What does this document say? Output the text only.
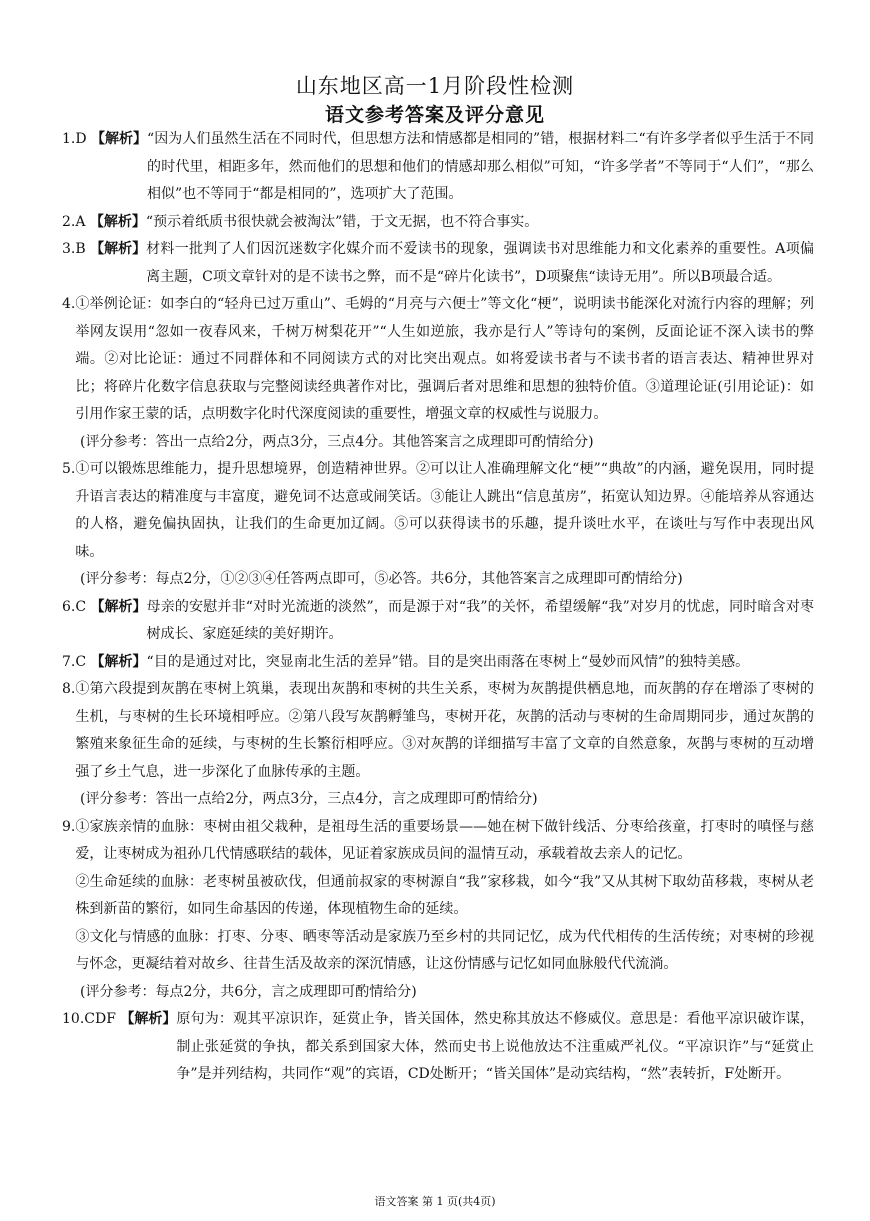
山东地区高一1月阶段性检测
语文参考答案及评分意见
1.D 【解析】 “因为人们虽然生活在不同时代，但思想方法和情感都是相同的”错，根据材料二“有许多学者似乎生活于不同的时代里，相距多年，然而他们的思想和他们的情感却那么相似”可知，“许多学者”不等同于“人们”，“那么相似”也不等同于“都是相同的”，选项扩大了范围。
2.A 【解析】 “预示着纸质书很快就会被淘汰”错，于文无据，也不符合事实。
3.B 【解析】 材料一批判了人们因沉迷数字化媒介而不爱读书的现象，强调读书对思维能力和文化素养的重要性。A项偏离主题，C项文章针对的是不读书之弊，而不是“碎片化读书”，D项聚焦“读诗无用”。所以B项最合适。
4. ①举例论证：如李白的“轻舟已过万重山”、毛姆的“月亮与六便士”等文化“梗”，说明读书能深化对流行内容的理解；列举网友误用“忽如一夜春风来，千树万树梨花开”“人生如逆旅，我亦是行人”等诗句的案例，反面论证不深入读书的弊端。②对比论证：通过不同群体和不同阅读方式的对比突出观点。如将爱读书者与不读书者的语言表达、精神世界对比；将碎片化数字信息获取与完整阅读经典著作对比，强调后者对思维和思想的独特价值。③道理论证(引用论证)：如引用作家王蒙的话，点明数字化时代深度阅读的重要性，增强文章的权威性与说服力。
(评分参考：答出一点给2分，两点3分，三点4分。其他答案言之成理即可酌情给分)
5. ①可以锻炼思维能力，提升思想境界，创造精神世界。②可以让人准确理解文化“梗”“典故”的内涵，避免误用，同时提升语言表达的精准度与丰富度，避免词不达意或闹笑话。③能让人跳出“信息茧房”，拓宽认知边界。④能培养从容通达的人格，避免偏执固执，让我们的生命更加辽阔。⑤可以获得读书的乐趣，提升谈吐水平，在谈吐与写作中表现出风味。
(评分参考：每点2分，①②③④任答两点即可，⑤必答。共6分，其他答案言之成理即可酌情给分)
6.C 【解析】 母亲的安慰并非“对时光流逝的淡然”，而是源于对“我”的关怀，希望缓解“我”对岁月的忧虑，同时暗含对枣树成长、家庭延续的美好期许。
7.C 【解析】 “目的是通过对比，突显南北生活的差异”错。目的是突出雨落在枣树上“曼妙而风情”的独特美感。
8. ①第六段提到灰鹊在枣树上筑巢，表现出灰鹊和枣树的共生关系，枣树为灰鹊提供栖息地，而灰鹊的存在增添了枣树的生机，与枣树的生长环境相呼应。②第八段写灰鹊孵雏鸟，枣树开花，灰鹊的活动与枣树的生命周期同步，通过灰鹊的繁殖来象征生命的延续，与枣树的生长繁衍相呼应。③对灰鹊的详细描写丰富了文章的自然意象，灰鹊与枣树的互动增强了乡土气息，进一步深化了血脉传承的主题。
(评分参考：答出一点给2分，两点3分，三点4分，言之成理即可酌情给分)
9. ①家族亲情的血脉：枣树由祖父栽种，是祖母生活的重要场景——她在树下做针线活、分枣给孩童，打枣时的嗔怪与慈爱，让枣树成为祖孙几代情感联结的载体，见证着家族成员间的温情互动，承载着故去亲人的记忆。
②生命延续的血脉：老枣树虽被砍伐，但通前叔家的枣树源自“我”家移栽，如今“我”又从其树下取幼苗移栽，枣树从老株到新苗的繁衍，如同生命基因的传递，体现植物生命的延续。
③文化与情感的血脉：打枣、分枣、晒枣等活动是家族乃至乡村的共同记忆，成为代代相传的生活传统；对枣树的珍视与怀念，更凝结着对故乡、往昔生活及故亲的深沉情感，让这份情感与记忆如同血脉般代代流淌。
(评分参考：每点2分，共6分，言之成理即可酌情给分)
10.CDF 【解析】 原句为：观其平凉识诈，延赏止争，皆关国体，然史称其放达不修威仪。意思是：看他平凉识破诈谋，制止张延赏的争执，都关系到国家大体，然而史书上说他放达不注重威严礼仪。“平凉识诈”与“延赏止争”是并列结构，共同作“观”的宾语，CD处断开；“皆关国体”是动宾结构，“然”表转折，F处断开。
语文答案 第 1 页(共4页)
